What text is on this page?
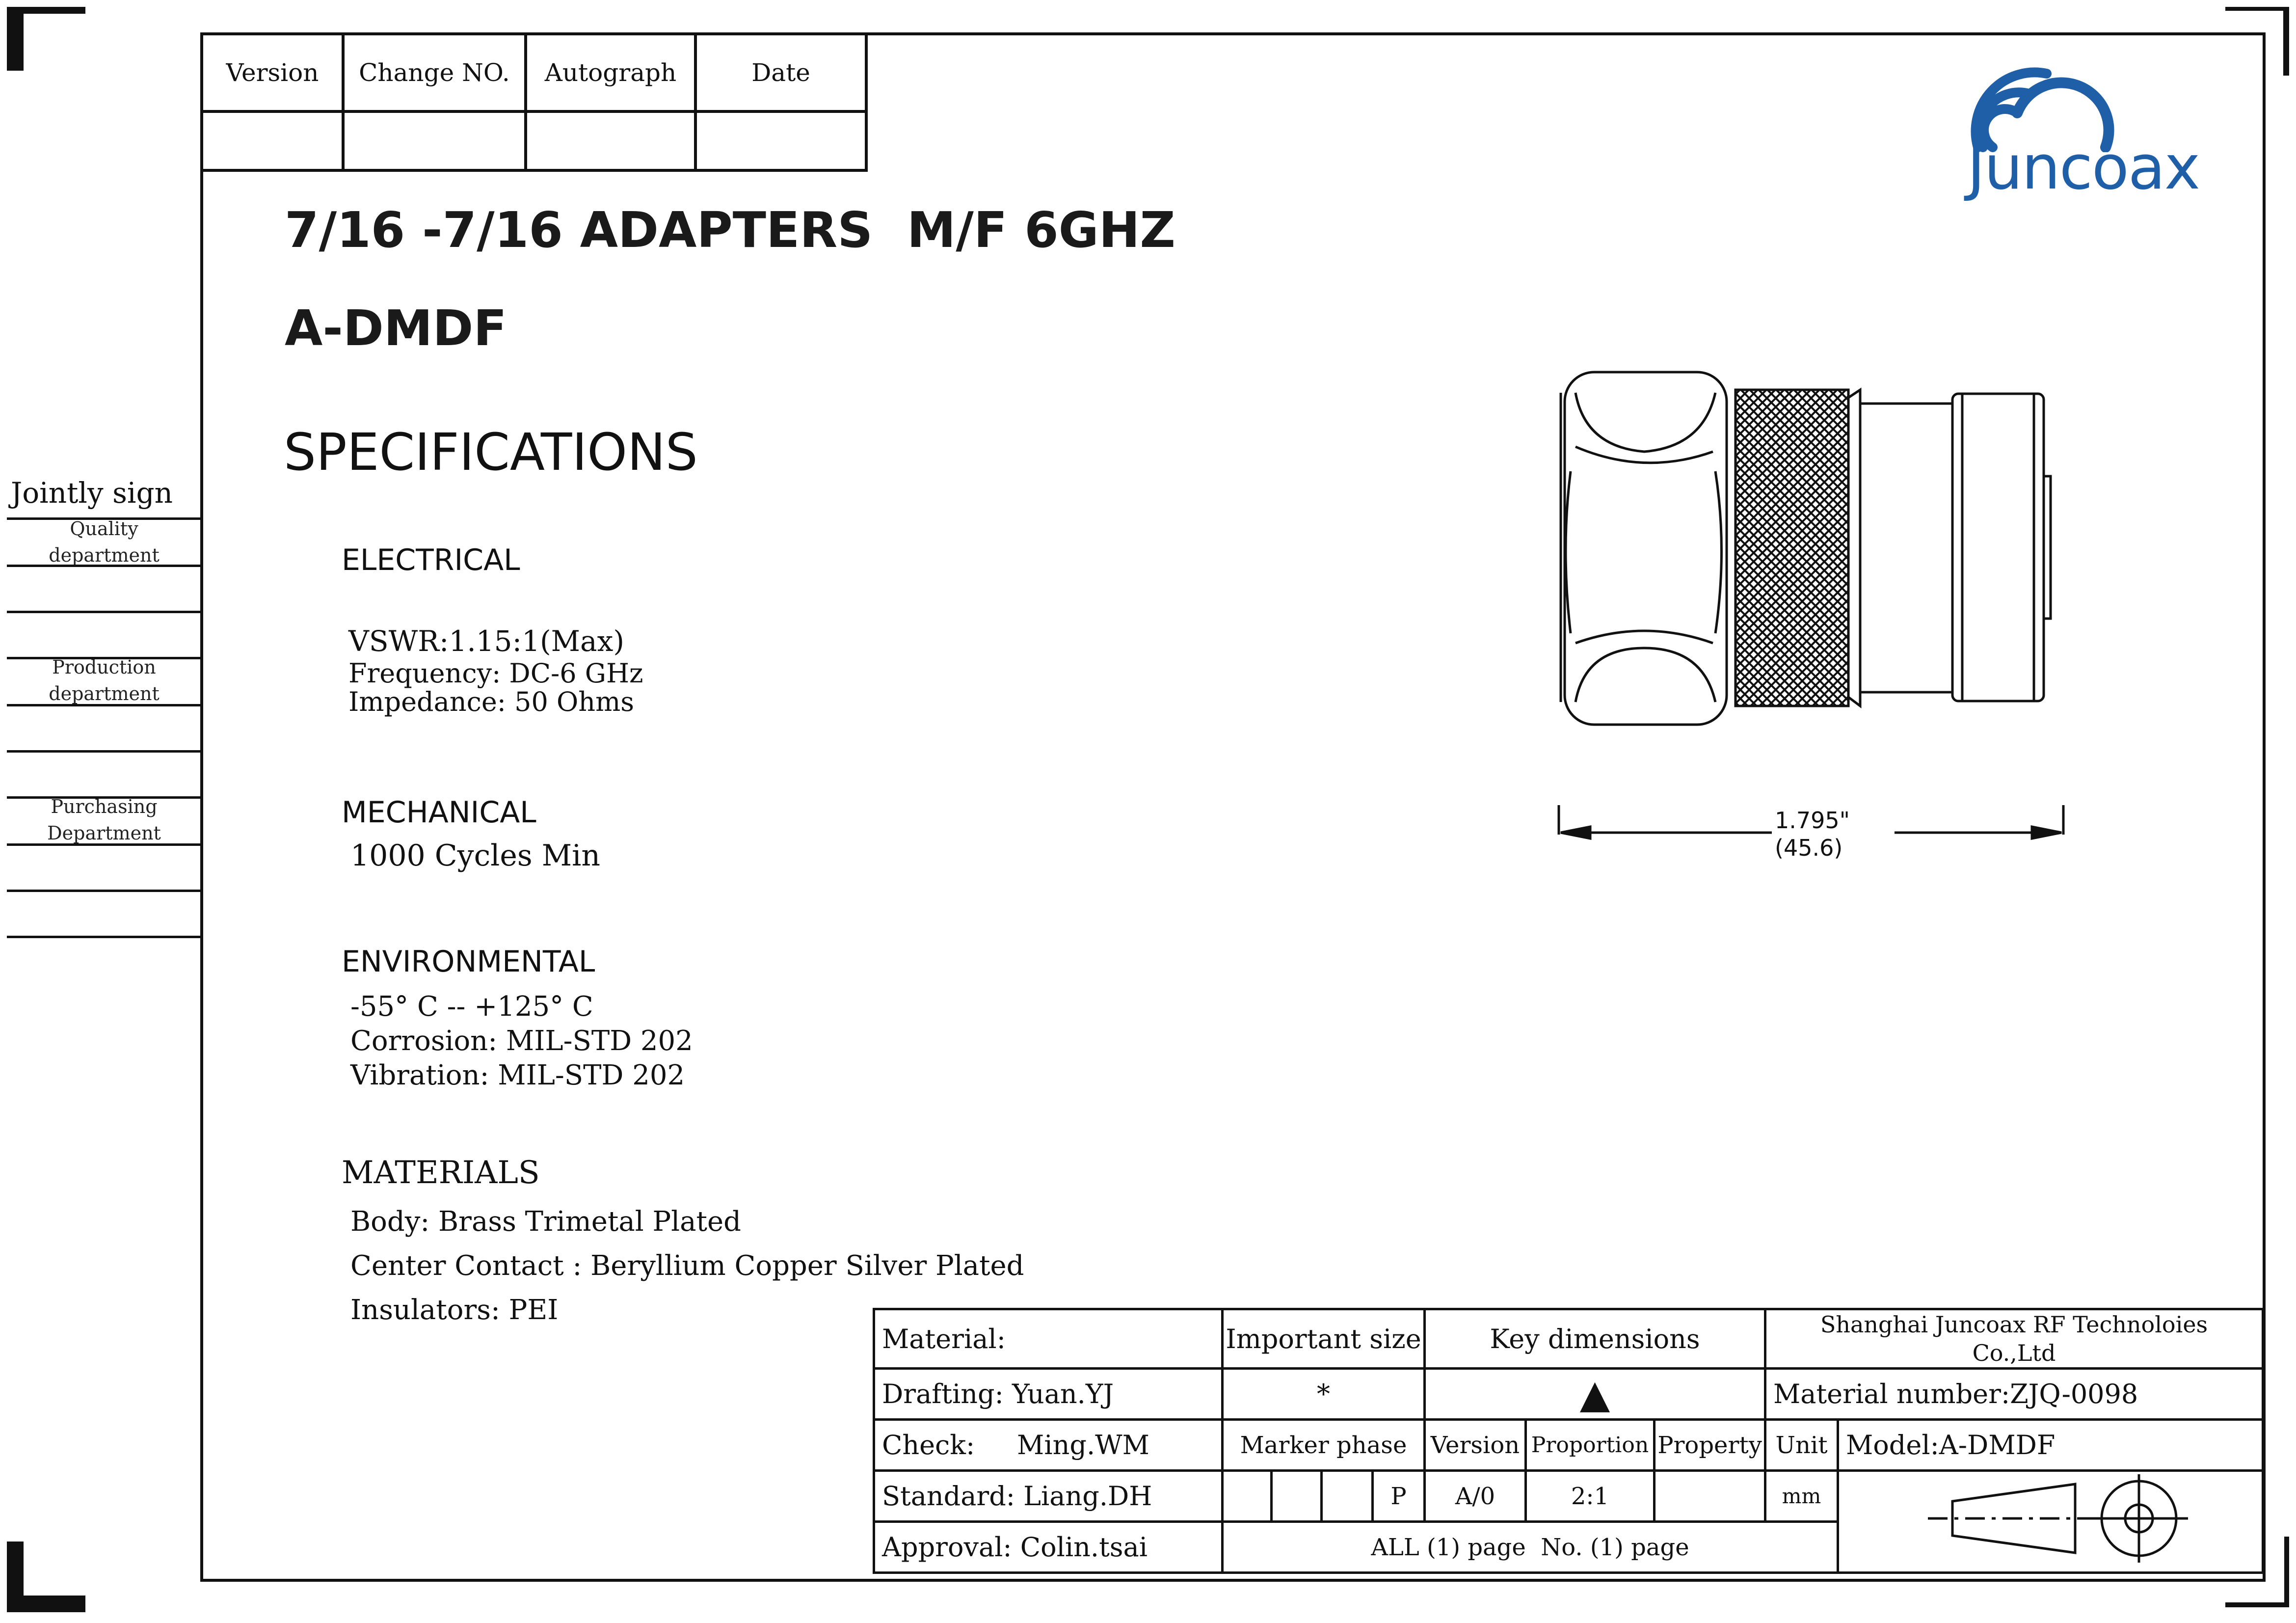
Version	Change NO.	Autograph	Date

Juncoax
7/16 -7/16 ADAPTERS  M/F 6GHZ
A-DMDF
SPECIFICATIONS
ELECTRICAL
VSWR:1.15:1(Max)
Frequency: DC-6 GHz
Impedance: 50 Ohms
MECHANICAL
1000 Cycles Min
ENVIRONMENTAL
-55° C -- +125° C
Corrosion: MIL-STD 202
Vibration: MIL-STD 202
MATERIALS
Body: Brass Trimetal Plated
Center Contact : Beryllium Copper Silver Plated
Insulators: PEI
Jointly sign
Quality
department
Production
department
Purchasing
Department	1.795"
(45.6)
Material:	Important size				Key dimensions			Shanghai Juncoax RF Technoloies
Co.,Ltd	

Drafting: Yuan.YJ	*				▲			Material number:ZJQ-0098	
Check:     Ming.WM	Marker phase				Version	Proportion	Property	Unit	Model:A-DMDF
Standard: Liang.DH				P	A/0	2:1		mm	
Approval: Colin.tsai	ALL (1) page  No. (1) page								
